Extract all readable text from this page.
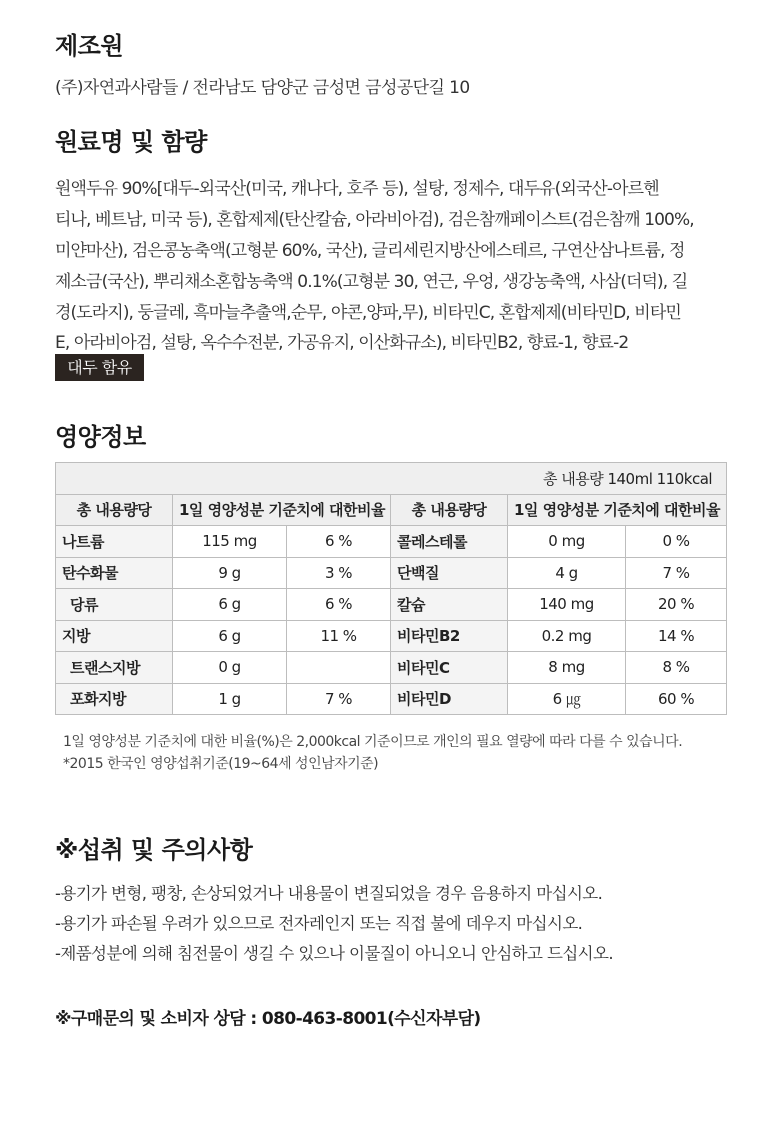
제조원

(주)자연과사람들 / 전라남도 담양군 금성면 금성공단길 10

원료명 및 함량
원액두유 90%[대두-외국산(미국, 캐나다, 호주 등), 설탕, 정제수, 대두유(외국산-아르헨
티나, 베트남, 미국 등), 혼합제제(탄산칼슘, 아라비아검), 검은참깨페이스트(검은참깨 100%,
미얀마산), 검은콩농축액(고형분 60%, 국산), 글리세린지방산에스테르, 구연산삼나트륨, 정
제소금(국산), 뿌리채소혼합농축액 0.1%(고형분 30, 연근, 우엉, 생강농축액, 사삼(더덕), 길
경(도라지), 둥글레, 흑마늘추출액,순무, 야콘,양파,무), 비타민C, 혼합제제(비타민D, 비타민
E, 아라비아검, 설탕, 옥수수전분, 가공유지, 이산화규소), 비타민B2, 향료-1, 향료-2
대두 함유
영양정보
총 내용량 140ml 110kcal					
총 내용량당	1일 영양성분 기준치에 대한비율		총 내용량당	1일 영양성분 기준치에 대한비율	
나트륨	115 mg	6 %	콜레스테롤	0 mg	0 %
탄수화물	9 g	3 %	단백질	4 g	7 %
당류	6 g	6 %	칼슘	140 mg	20 %
지방	6 g	11 %	비타민B2	0.2 mg	14 %
트랜스지방	0 g		비타민C	8 mg	8 %
포화지방	1 g	7 %	비타민D	6 ㎍	60 %
1일 영양성분 기준치에 대한 비율(%)은 2,000kcal 기준이므로 개인의 필요 열량에 따라 다를 수 있습니다.
*2015 한국인 영양섭취기준(19~64세 성인남자기준)
※섭취 및 주의사항
-용기가 변형, 팽창, 손상되었거나 내용물이 변질되었을 경우 음용하지 마십시오.
-용기가 파손될 우려가 있으므로 전자레인지 또는 직접 불에 데우지 마십시오.
-제품성분에 의해 침전물이 생길 수 있으나 이물질이 아니오니 안심하고 드십시오.
※구매문의 및 소비자 상담 : 080-463-8001(수신자부담)
